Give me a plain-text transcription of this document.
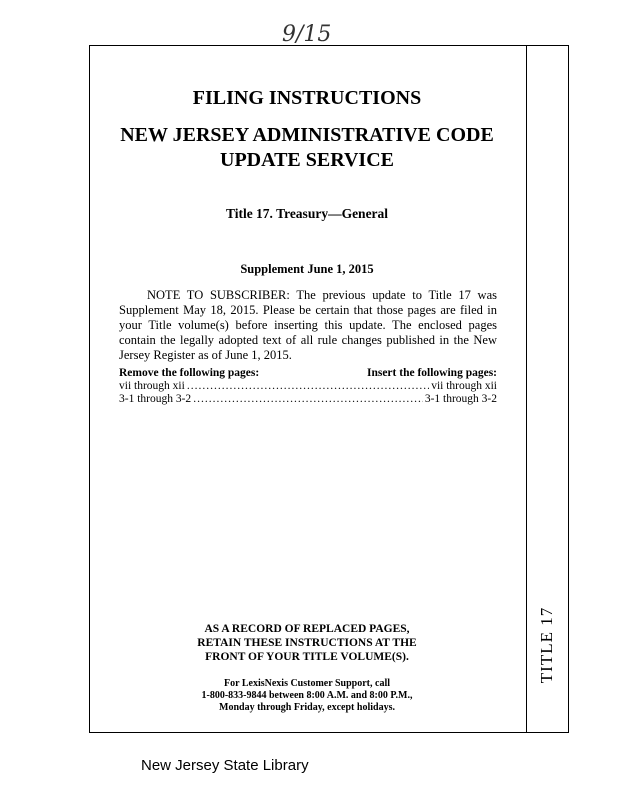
9/15
TITLE 17
FILING INSTRUCTIONS
NEW JERSEY ADMINISTRATIVE CODE
UPDATE SERVICE
Title 17. Treasury—General
Supplement June 1, 2015

NOTE TO SUBSCRIBER: The previous update to Title 17 was Supplement May 18, 2015. Please be certain that those pages are filed in your Title volume(s) before inserting this update. The enclosed pages contain the legally adopted text of all rule changes published in the New Jersey Register as of June 1, 2015.

Remove the following pages:	Insert the following pages:
vii through xii .....	vii through xii
3-1 through 3-2 .....	3-1 through 3-2
AS A RECORD OF REPLACED PAGES,
RETAIN THESE INSTRUCTIONS AT THE
FRONT OF YOUR TITLE VOLUME(S).
For LexisNexis Customer Support, call
1-800-833-9844 between 8:00 A.M. and 8:00 P.M.,
Monday through Friday, except holidays.
New Jersey State Library
